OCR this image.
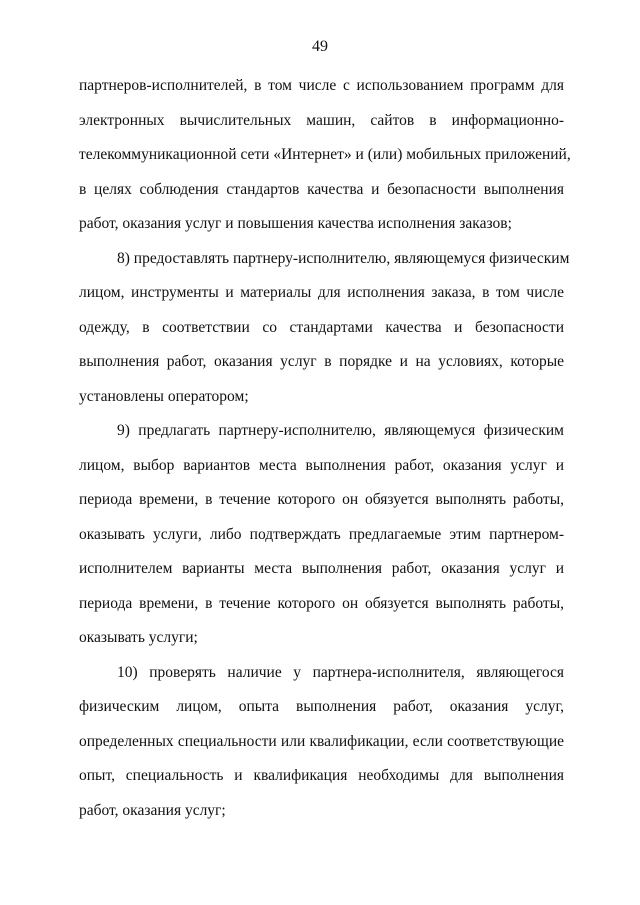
49
партнеров-исполнителей, в том числе с использованием программ для
электронных вычислительных машин, сайтов в информационно-
телекоммуникационной сети «Интернет» и (или) мобильных приложений,
в целях соблюдения стандартов качества и безопасности выполнения
работ, оказания услуг и повышения качества исполнения заказов;
8) предоставлять партнеру-исполнителю, являющемуся физическим
лицом, инструменты и материалы для исполнения заказа, в том числе
одежду, в соответствии со стандартами качества и безопасности
выполнения работ, оказания услуг в порядке и на условиях, которые
установлены оператором;
9) предлагать партнеру-исполнителю, являющемуся физическим
лицом, выбор вариантов места выполнения работ, оказания услуг и
периода времени, в течение которого он обязуется выполнять работы,
оказывать услуги, либо подтверждать предлагаемые этим партнером-
исполнителем варианты места выполнения работ, оказания услуг и
периода времени, в течение которого он обязуется выполнять работы,
оказывать услуги;
10) проверять наличие у партнера-исполнителя, являющегося
физическим лицом, опыта выполнения работ, оказания услуг,
определенных специальности или квалификации, если соответствующие
опыт, специальность и квалификация необходимы для выполнения
работ, оказания услуг;
